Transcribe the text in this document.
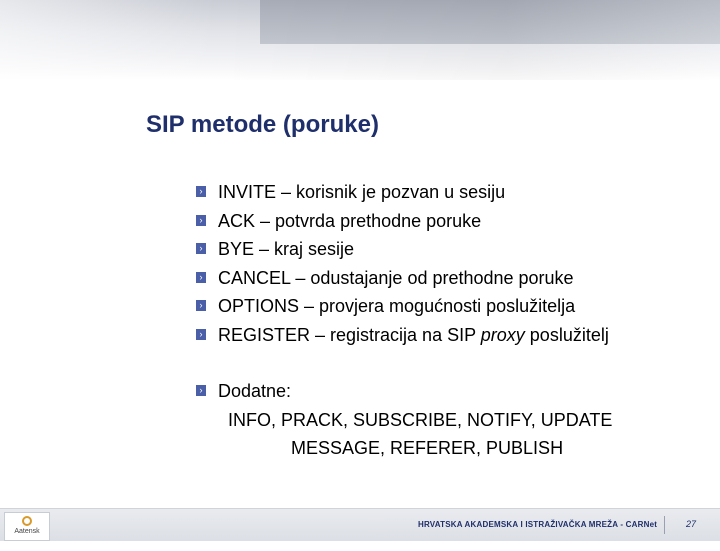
SIP metode (poruke)
› INVITE – korisnik je pozvan u sesiju
› ACK – potvrda prethodne poruke
› BYE – kraj sesije
› CANCEL – odustajanje od prethodne poruke
› OPTIONS – provjera mogućnosti poslužitelja
› REGISTER – registracija na SIP proxy poslužitelj
› Dodatne:
INFO, PRACK, SUBSCRIBE, NOTIFY, UPDATE
MESSAGE, REFERER, PUBLISH
Aatensk
HRVATSKA AKADEMSKA I ISTRAŽIVAČKA MREŽA - CARNet	27
